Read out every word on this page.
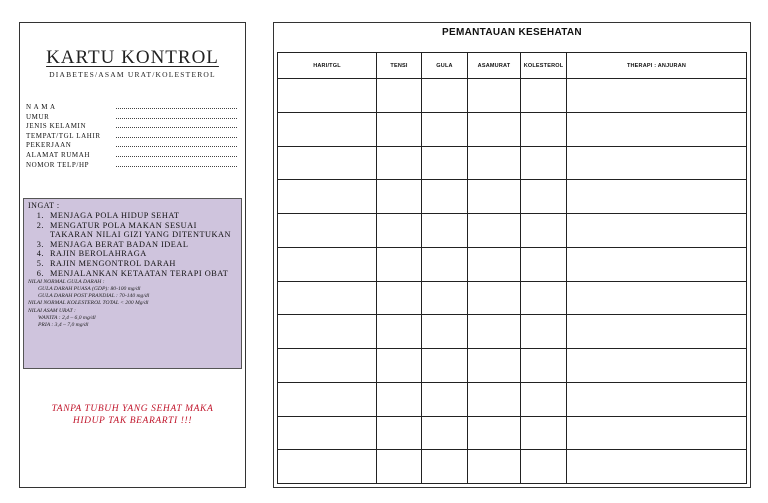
KARTU KONTROL
DIABETES/ASAM URAT/KOLESTEROL
N A M A
UMUR
JENIS KELAMIN
TEMPAT/TGL LAHIR
PEKERJAAN
ALAMAT RUMAH
NOMOR TELP/HP
INGAT :
1. MENJAGA POLA HIDUP SEHAT
2. MENGATUR POLA MAKAN SESUAI TAKARAN NILAI GIZI YANG DITENTUKAN
3. MENJAGA BERAT BADAN IDEAL
4. RAJIN BEROLAHRAGA
5. RAJIN MENGONTROL DARAH
6. MENJALANKAN KETAATAN TERAPI OBAT
NILAI NORMAL GULA DARAH :
GULA DARAH PUASA (GDP): 80-100 mg/dl
GULA DARAH POST PRANDIAL : 70-140 mg/dl
NILAI NORMAL KOLESTEROL TOTAL < 200 Mg/dl
NILAI ASAM URAT :
WANITA : 2,4 – 6,0 mg/dl
PRIA : 3,4 – 7,0 mg/dl
TANPA TUBUH YANG SEHAT MAKA
HIDUP TAK BEARARTI !!!
PEMANTAUAN KESEHATAN
HARI/TGL	TENSI	GULA	ASAMURAT	KOLESTEROL	THERAPI : ANJURAN
